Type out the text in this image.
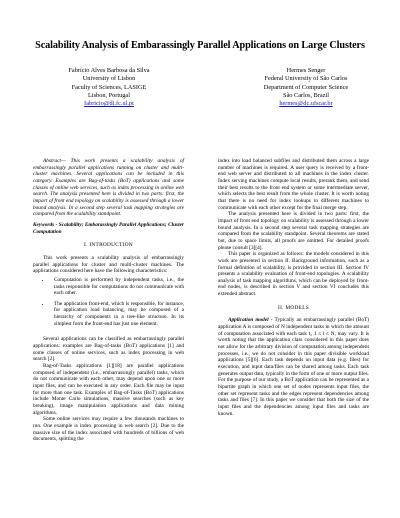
Scalability Analysis of Embarassingly Parallel Applications on Large Clusters
Fabrício Alves Barbosa da Silva
University of Lisbon
Faculty of Sciences, LASIGE
Lisbon, Portugal
fabricio@di.fc.ul.pt
Hermes Senger
Federal University of São Carlos
Department of Computer Science
São Carlos, Brazil
hermes@dc.ufscar.br

Abstract— This work presents a scalability analysis of embarrassingly parallel applications running on cluster and multi-cluster machines. Several applications can be included in this category. Examples are Bag-of-tasks (BoT) applications and some classes of online web services, such as index processing in online web search. The analysis presented here is divided in two parts: first, the impact of front end topology on scalability is assessed through a lower bound analysis. In a second step several task mapping strategies are compared from the scalability standpoint.

Keywords - Scalability; Embarassingly Parallel Applications; Cluster Computation

I. INTRODUCTION

This work presents a scalability analysis of embarrassingly parallel applications for cluster and multi-cluster machines. The applications considered here have the following characteristics:

• Computation is performed by independent tasks, i.e., the tasks responsible for computations do not communicate with each other.
• The application front-end, which is responsible, for instance, for application load balancing, may be composed of a hierarchy of components in a tree-like structure. In its simplest form the front-end has just one element.

Several applications can be classified as embarrassingly parallel applications: examples are Bag-of-tasks (BoT) applications [1] and some classes of online services, such as index processing in web search [2].

Bag-of-Tasks applications [1][18] are parallel applications composed of independent (i.e., embarrassingly parallel) tasks, which do not communicate with each other, may depend upon one or more input files, and can be executed in any order. Each file may be input for more than one task. Examples of Bag-of-Tasks (BoT) applications include Monte Carlo simulations, massive searches (such as key breaking), image manipulation applications and data mining algorithms.

Some online services may require a few thousands machines to run. One example is index processing in web search [2]. Due to the massive size of the index associated with hundreds of billions of web documents, splitting the

index into load balanced subfiles and distributed them across a large number of machines is required. A user query is received by a front-end web server and distributed to all machines in the index cluster. Index serving machines compute local results, prerank them, and send their best results to the front end system or some intermediate server, which selects the best result from the whole cluster. It is worth noting that there is no need for index lookups in different machines to communicate with each other except for the final merge step.

The analysis presented here is divided in two parts: first, the impact of front end topology on scalability is assessed through a lower bound analysis. In a second step several task mapping strategies are compared from the scalability standpoint. Several theorems are stated but, due to space limits, all proofs are omitted. For detailed proofs please consult [3][4].

This paper is organized as follows: the models considered in this work are presented in section II. Background information, such as a formal definition of scalability, is provided in section III. Section IV presents a scalability evaluation of front-end topologies. A scalability analysis of task mapping algorithms, which can be deployed by front-end nodes, is described in section V and section VI concludes this extended abstract.

II. MODELS

Application model - Typically an embarrassingly parallel (BoT) application A is composed of N independent tasks in which the amount of computation associated with each task tᵢ, 1 ≤ i ≤ N, may vary. It is worth noting that the application class considered in this paper does not allow for the arbitrary division of computation among independent processes, i.e., we do not consider in this paper divisible workload applications [5][6]. Each task depends on input data (e.g. files) for execution, and input data/files can be shared among tasks. Each task generates output data, typically in the form of one or more output files. For the purpose of our study, a BoT application can be represented as a bipartite graph in which one set of nodes represents input files, the other set represent tasks and the edges represent dependencies among tasks and files [7]. In this paper we consider that both the size of the input files and the dependencies among input files and tasks are known.
